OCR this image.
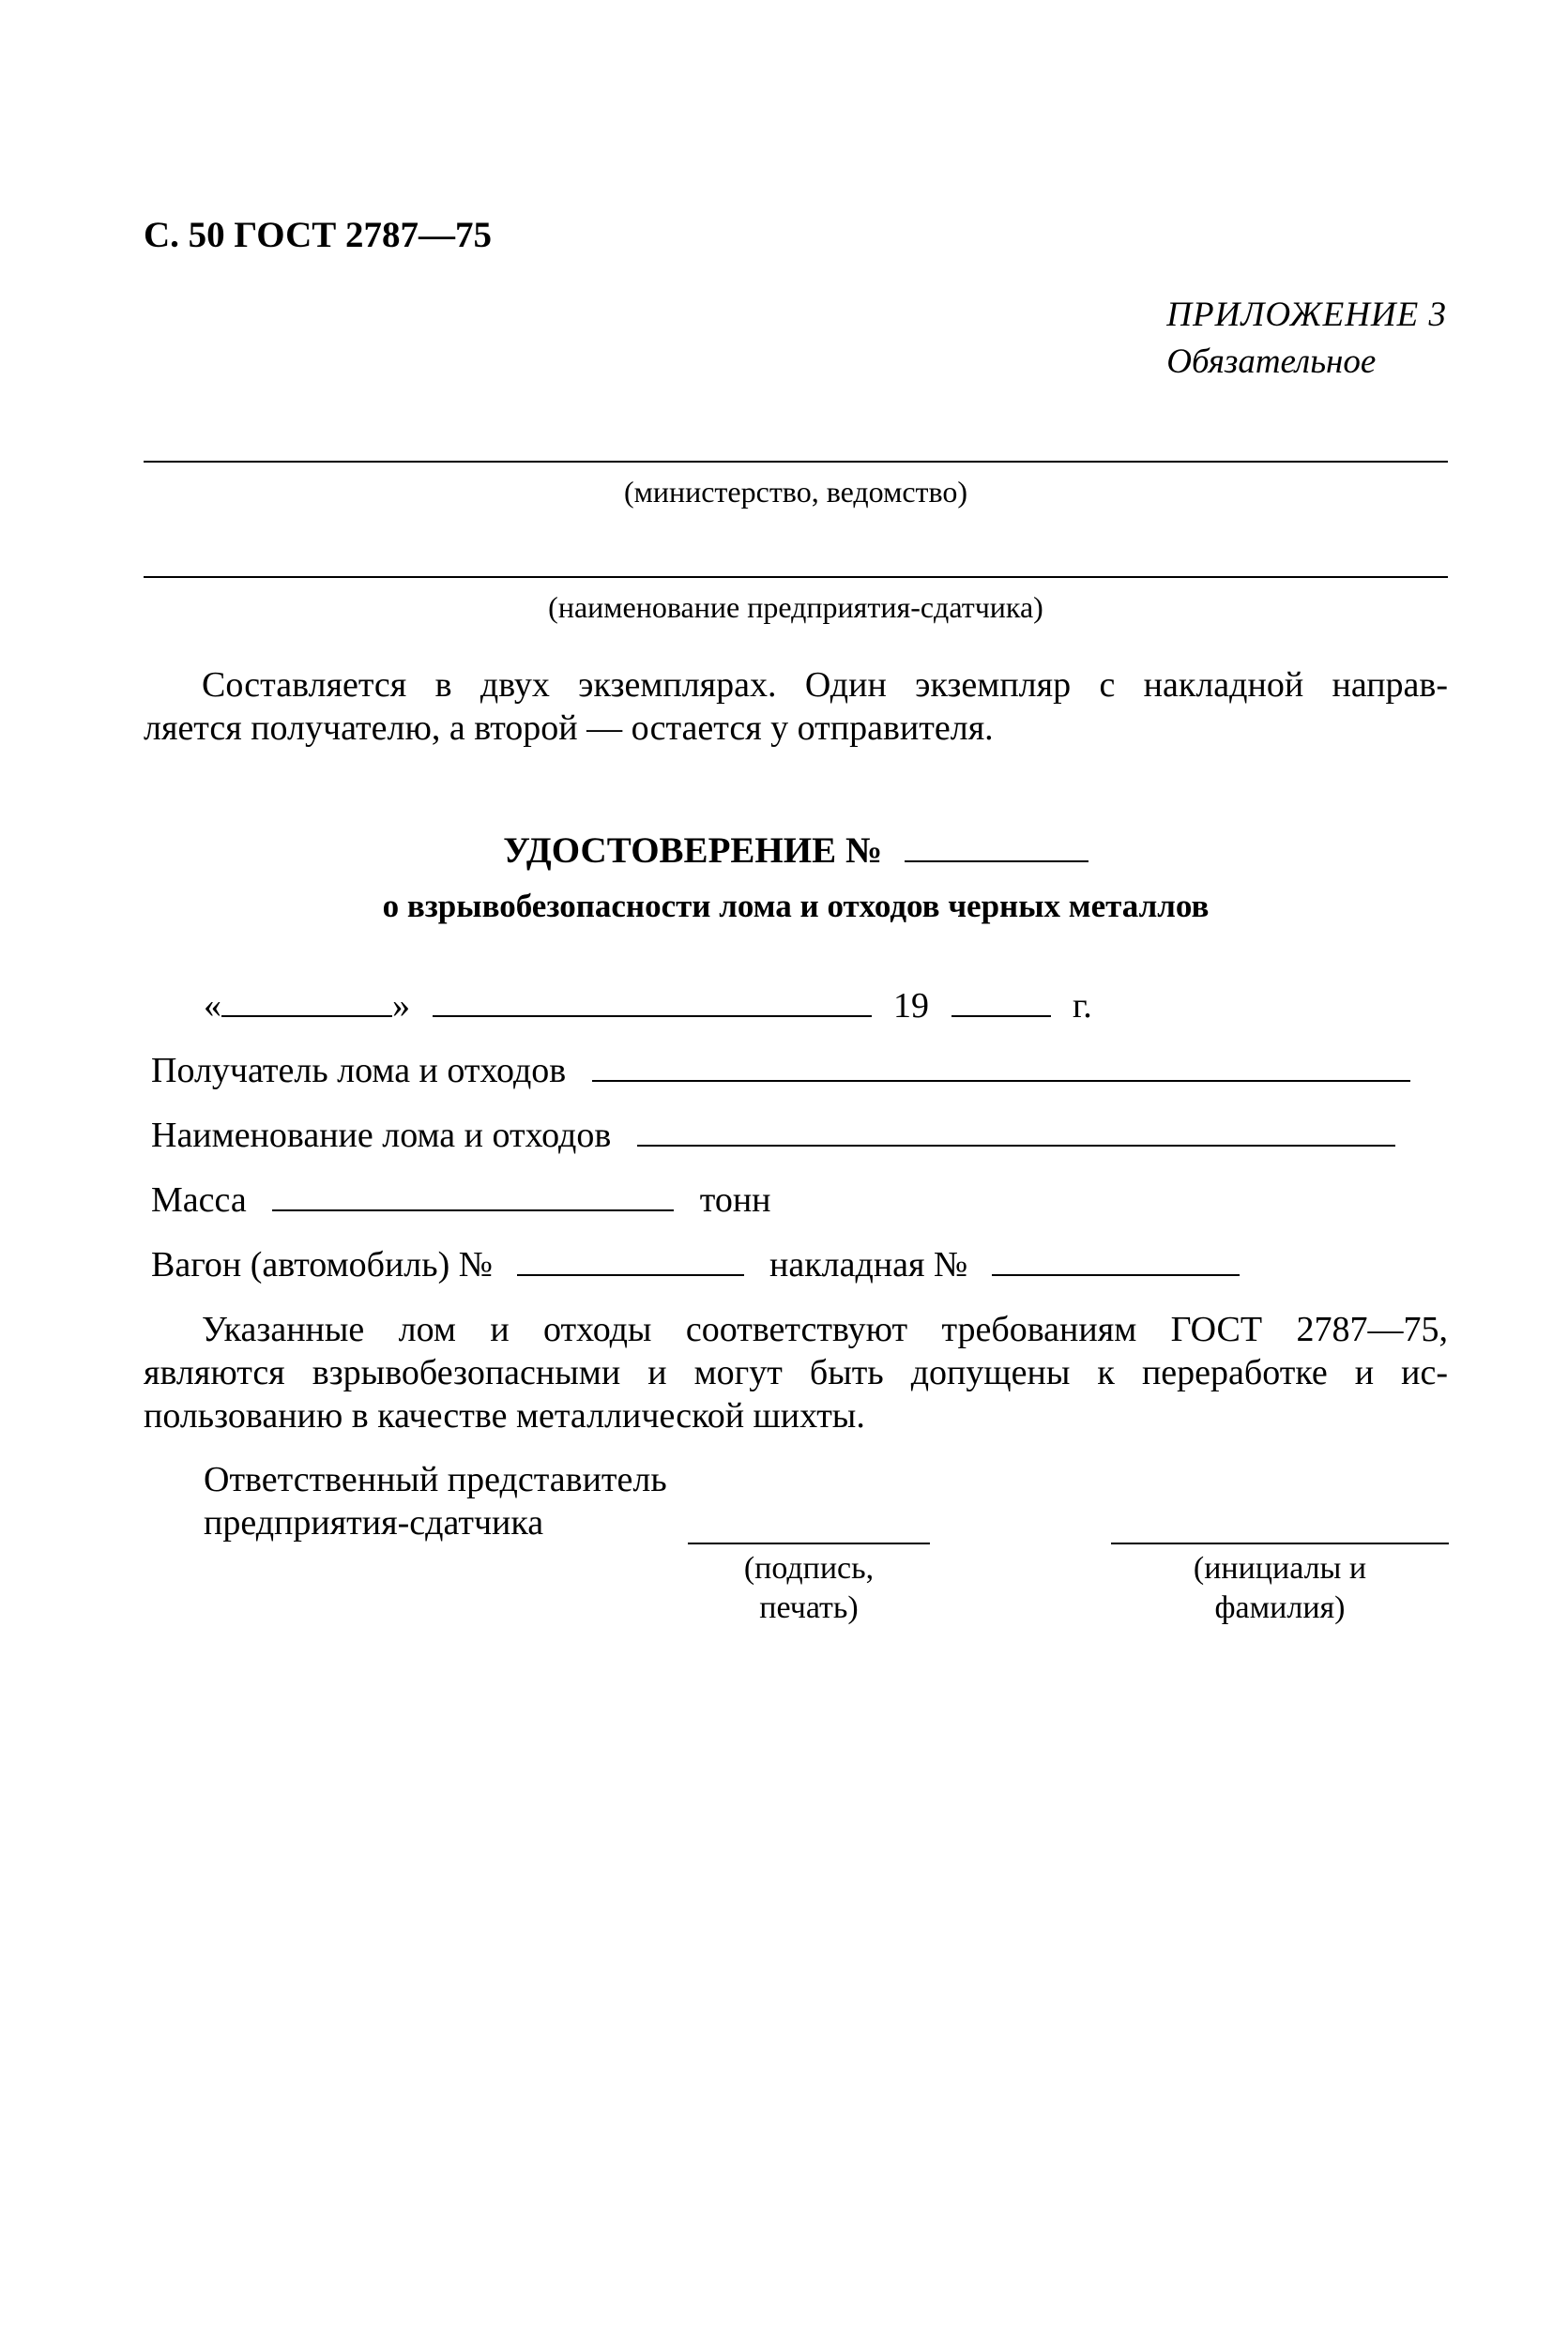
С. 50 ГОСТ 2787—75
ПРИЛОЖЕНИЕ 3
Обязательное
(министерство, ведомство)
(наименование предприятия-сдатчика)
Составляется в двух экземплярах. Один экземпляр с накладной направ-
ляется получателю, а второй — остается у отправителя.
УДОСТОВЕРЕНИЕ №
о взрывобезопасности лома и отходов черных металлов
«	»	19	г.
Получатель лома и отходов
Наименование лома и отходов
Масса	тонн
Вагон (автомобиль) №	накладная №
Указанные лом и отходы соответствуют требованиям ГОСТ 2787—75,
являются взрывобезопасными и могут быть допущены к переработке и ис-
пользованию в качестве металлической шихты.
Ответственный представитель
предприятия-сдатчика
(подпись,
печать)
(инициалы и
фамилия)
